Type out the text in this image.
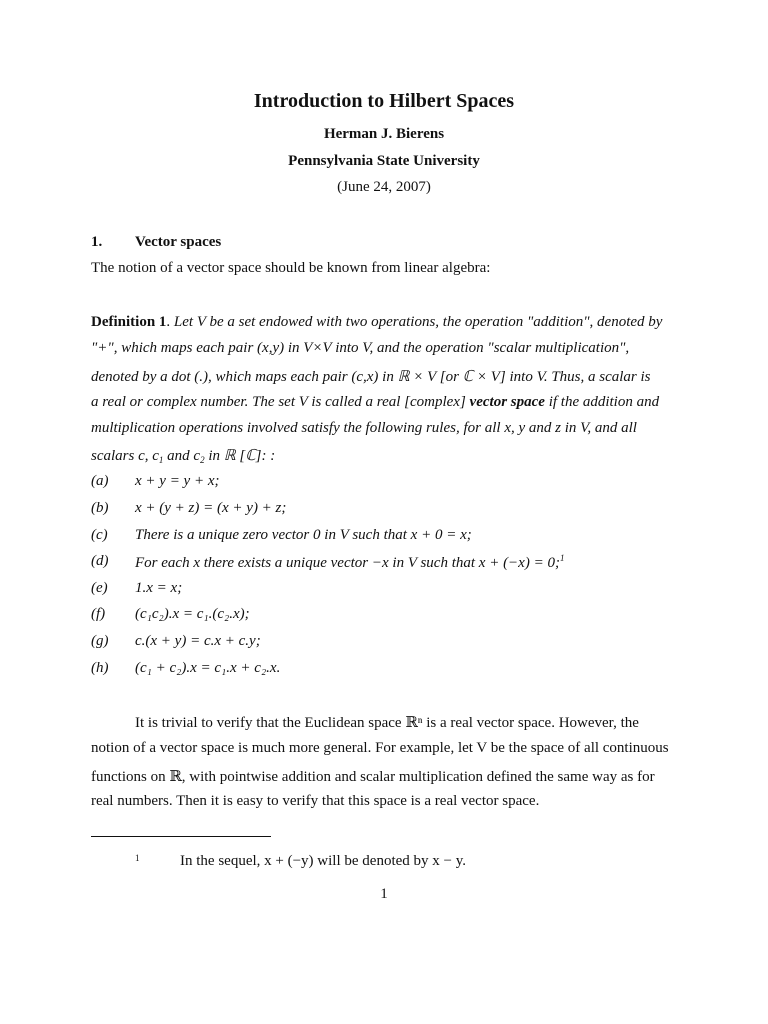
Introduction to Hilbert Spaces
Herman J. Bierens
Pennsylvania State University
(June 24, 2007)
1. Vector spaces
The notion of a vector space should be known from linear algebra:
Definition 1. Let V be a set endowed with two operations, the operation "addition", denoted by
"+", which maps each pair (x,y) in V×V into V, and the operation "scalar multiplication",
denoted by a dot (.), which maps each pair (c,x) in ℝ × V [or ℂ × V] into V. Thus, a scalar is
a real or complex number. The set V is called a real [complex] vector space if the addition and
multiplication operations involved satisfy the following rules, for all x, y and z in V, and all
scalars c, $c_1$ and $c_2$ in ℝ [ℂ]: :
(a) x + y = y + x;
(b) x + (y + z) = (x + y) + z;
(c) There is a unique zero vector 0 in V such that x + 0 = x;
(d) For each x there exists a unique vector −x in V such that x + (−x) = 0;$^1$
(e) 1.x = x;
(f) (c₁c₂).x = c₁.(c₂.x);
(g) c.(x + y) = c.x + c.y;
(h) (c₁ + c₂).x = c₁.x + c₂.x.
It is trivial to verify that the Euclidean space ℝⁿ is a real vector space. However, the
notion of a vector space is much more general. For example, let V be the space of all continuous
functions on ℝ, with pointwise addition and scalar multiplication defined the same way as for
real numbers. Then it is easy to verify that this space is a real vector space.
1	In the sequel, x + (−y) will be denoted by x − y.
1
